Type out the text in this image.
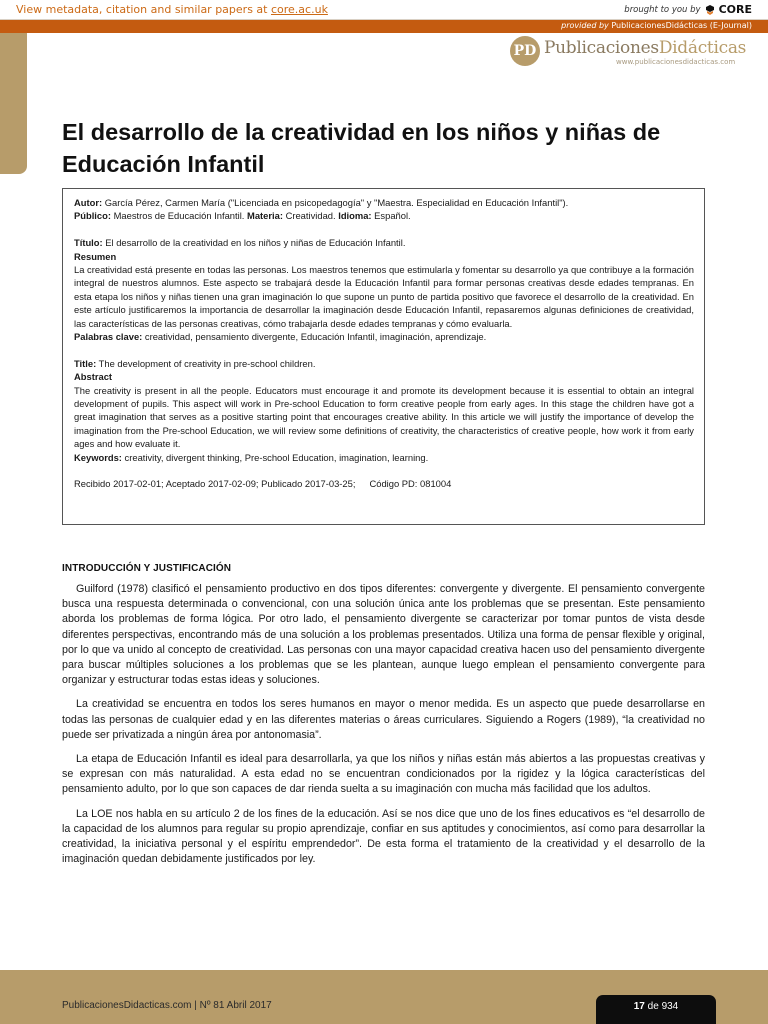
View metadata, citation and similar papers at core.ac.uk	brought to you by CORE
provided by PublicacionesDidácticas (E-Journal)
PD PublicacionesDidácticas
www.publicacionesdidacticas.com
El desarrollo de la creatividad en los niños y niñas de Educación Infantil

Autor: García Pérez, Carmen María ("Licenciada en psicopedagogía" y "Maestra. Especialidad en Educación Infantil").

Público: Maestros de Educación Infantil. Materia: Creatividad. Idioma: Español.

Título: El desarrollo de la creatividad en los niños y niñas de Educación Infantil.

Resumen

La creatividad está presente en todas las personas. Los maestros tenemos que estimularla y fomentar su desarrollo ya que contribuye a la formación integral de nuestros alumnos. Este aspecto se trabajará desde la Educación Infantil para formar personas creativas desde edades tempranas. En esta etapa los niños y niñas tienen una gran imaginación lo que supone un punto de partida positivo que favorece el desarrollo de la creatividad. En este artículo justificaremos la importancia de desarrollar la imaginación desde Educación Infantil, repasaremos algunas definiciones de creatividad, las características de las personas creativas, cómo trabajarla desde edades tempranas y cómo evaluarla.

Palabras clave: creatividad, pensamiento divergente, Educación Infantil, imaginación, aprendizaje.

Title: The development of creativity in pre-school children.

Abstract

The creativity is present in all the people. Educators must encourage it and promote its development because it is essential to obtain an integral development of pupils. This aspect will work in Pre-school Education to form creative people from early ages. In this stage the children have got a great imagination that serves as a positive starting point that encourages creative ability. In this article we will justify the importance of develop the imagination from the Pre-school Education, we will review some definitions of creativity, the characteristics of creative people, how work it from early ages and how evaluate it.

Keywords: creativity, divergent thinking, Pre-school Education, imagination, learning.

Recibido 2017-02-01; Aceptado 2017-02-09; Publicado 2017-03-25; Código PD: 081004

INTRODUCCIÓN Y JUSTIFICACIÓN

Guilford (1978) clasificó el pensamiento productivo en dos tipos diferentes: convergente y divergente. El pensamiento convergente busca una respuesta determinada o convencional, con una solución única ante los problemas que se presentan. Este pensamiento aborda los problemas de forma lógica. Por otro lado, el pensamiento divergente se caracterizar por tomar puntos de vista desde diferentes perspectivas, encontrando más de una solución a los problemas presentados. Utiliza una forma de pensar flexible y original, por lo que va unido al concepto de creatividad. Las personas con una mayor capacidad creativa hacen uso del pensamiento divergente para buscar múltiples soluciones a los problemas que se les plantean, aunque luego emplean el pensamiento convergente para organizar y estructurar todas estas ideas y soluciones.

La creatividad se encuentra en todos los seres humanos en mayor o menor medida. Es un aspecto que puede desarrollarse en todas las personas de cualquier edad y en las diferentes materias o áreas curriculares. Siguiendo a Rogers (1989), “la creatividad no puede ser privatizada a ningún área por antonomasia”.

La etapa de Educación Infantil es ideal para desarrollarla, ya que los niños y niñas están más abiertos a las propuestas creativas y se expresan con más naturalidad. A esta edad no se encuentran condicionados por la rigidez y la lógica características del pensamiento adulto, por lo que son capaces de dar rienda suelta a su imaginación con mucha más facilidad que los adultos.

La LOE nos habla en su artículo 2 de los fines de la educación. Así se nos dice que uno de los fines educativos es “el desarrollo de la capacidad de los alumnos para regular su propio aprendizaje, confiar en sus aptitudes y conocimientos, así como para desarrollar la creatividad, la iniciativa personal y el espíritu emprendedor”. De esta forma el tratamiento de la creatividad y el desarrollo de la imaginación quedan debidamente justificados por ley.

PublicacionesDidacticas.com | Nº 81 Abril 2017	17 de 934
